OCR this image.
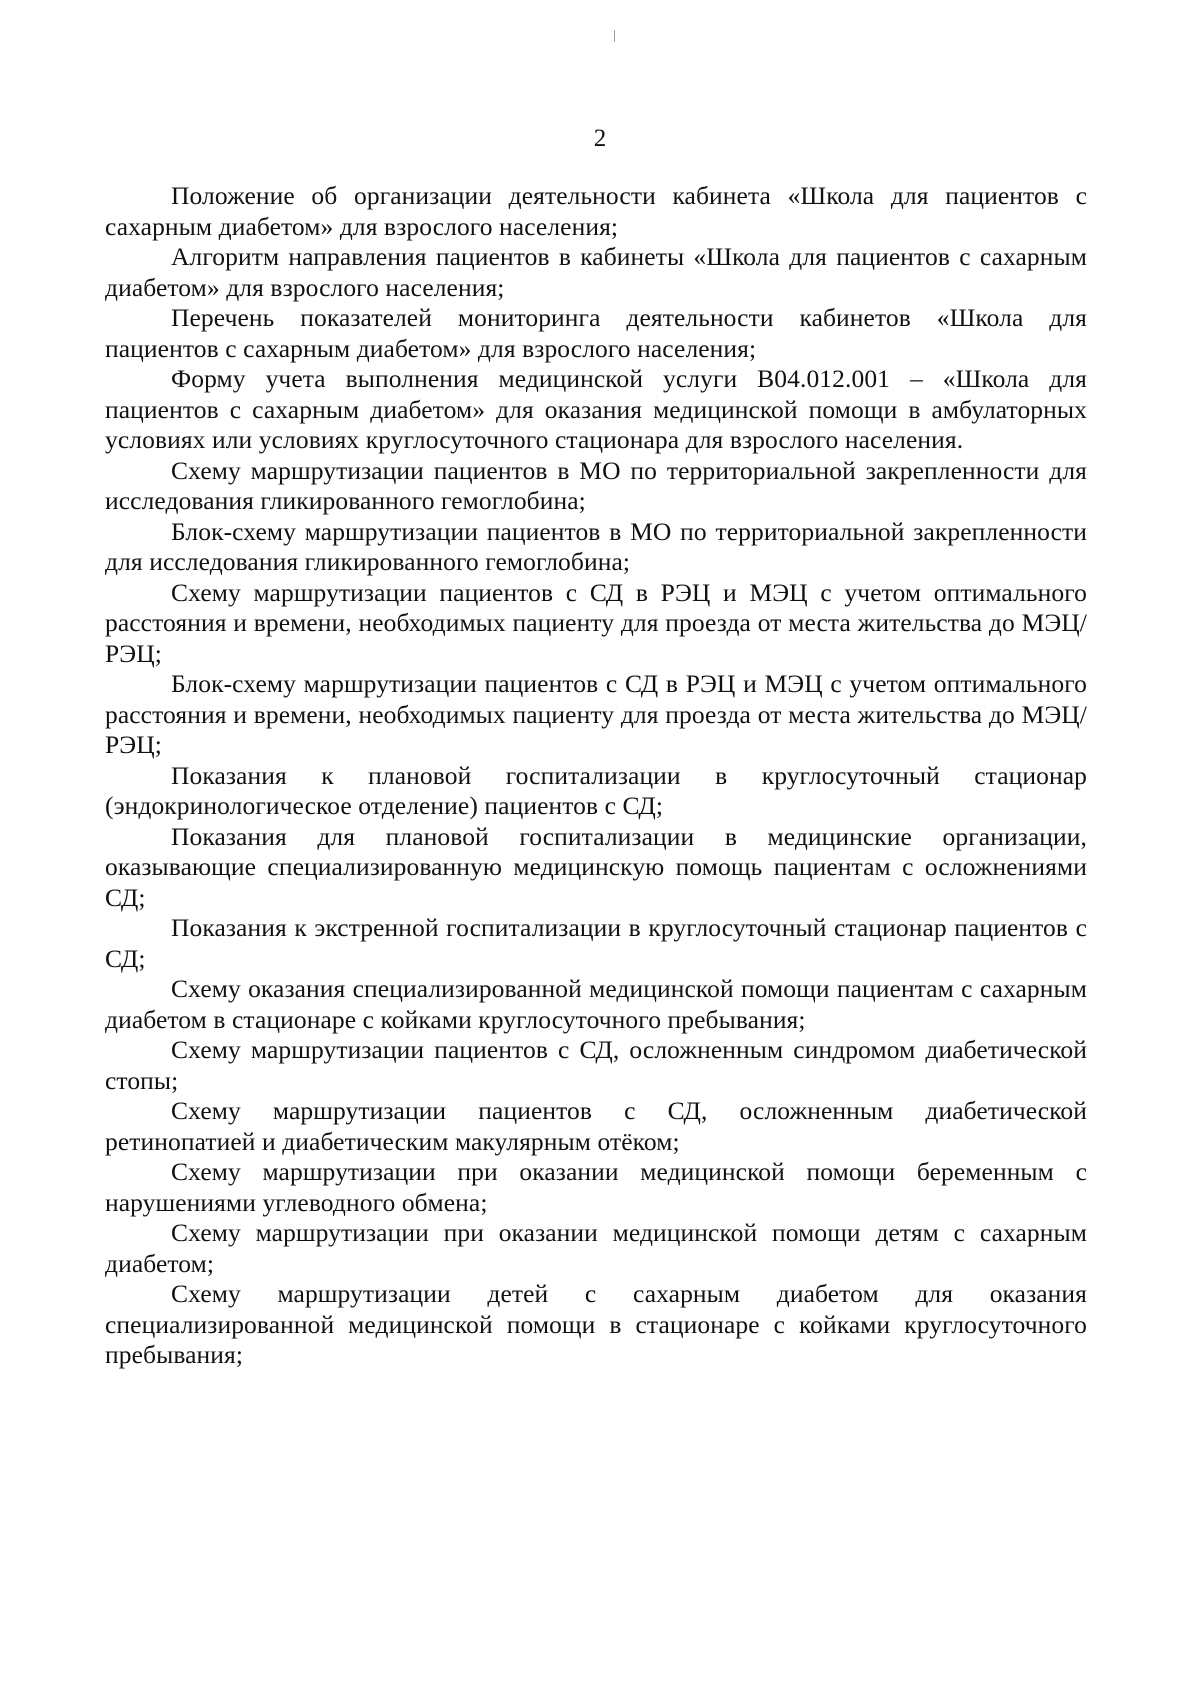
2

Положение об организации деятельности кабинета «Школа для пациентов с сахарным диабетом» для взрослого населения;

Алгоритм направления пациентов в кабинеты «Школа для пациентов с сахарным диабетом» для взрослого населения;

Перечень показателей мониторинга деятельности кабинетов «Школа для пациентов с сахарным диабетом» для взрослого населения;

Форму учета выполнения медицинской услуги В04.012.001 – «Школа для пациентов с сахарным диабетом» для оказания медицинской помощи в амбулаторных условиях или условиях круглосуточного стационара для взрослого населения.

Схему маршрутизации пациентов в МО по территориальной закрепленности для исследования гликированного гемоглобина;

Блок-схему маршрутизации пациентов в МО по территориальной закрепленности для исследования гликированного гемоглобина;

Схему маршрутизации пациентов с СД в РЭЦ и МЭЦ с учетом оптимального расстояния и времени, необходимых пациенту для проезда от места жительства до МЭЦ/РЭЦ;

Блок-схему маршрутизации пациентов с СД в РЭЦ и МЭЦ с учетом оптимального расстояния и времени, необходимых пациенту для проезда от места жительства до МЭЦ/РЭЦ;

Показания к плановой госпитализации в круглосуточный стационар (эндокринологическое отделение) пациентов с СД;

Показания для плановой госпитализации в медицинские организации, оказывающие специализированную медицинскую помощь пациентам с осложнениями СД;

Показания к экстренной госпитализации в круглосуточный стационар пациентов с СД;

Схему оказания специализированной медицинской помощи пациентам с сахарным диабетом в стационаре с койками круглосуточного пребывания;

Схему маршрутизации пациентов с СД, осложненным синдромом диабетической стопы;

Схему маршрутизации пациентов с СД, осложненным диабетической ретинопатией и диабетическим макулярным отёком;

Схему маршрутизации при оказании медицинской помощи беременным с нарушениями углеводного обмена;

Схему маршрутизации при оказании медицинской помощи детям с сахарным диабетом;

Схему маршрутизации детей с сахарным диабетом для оказания специализированной медицинской помощи в стационаре с койками круглосуточного пребывания;
